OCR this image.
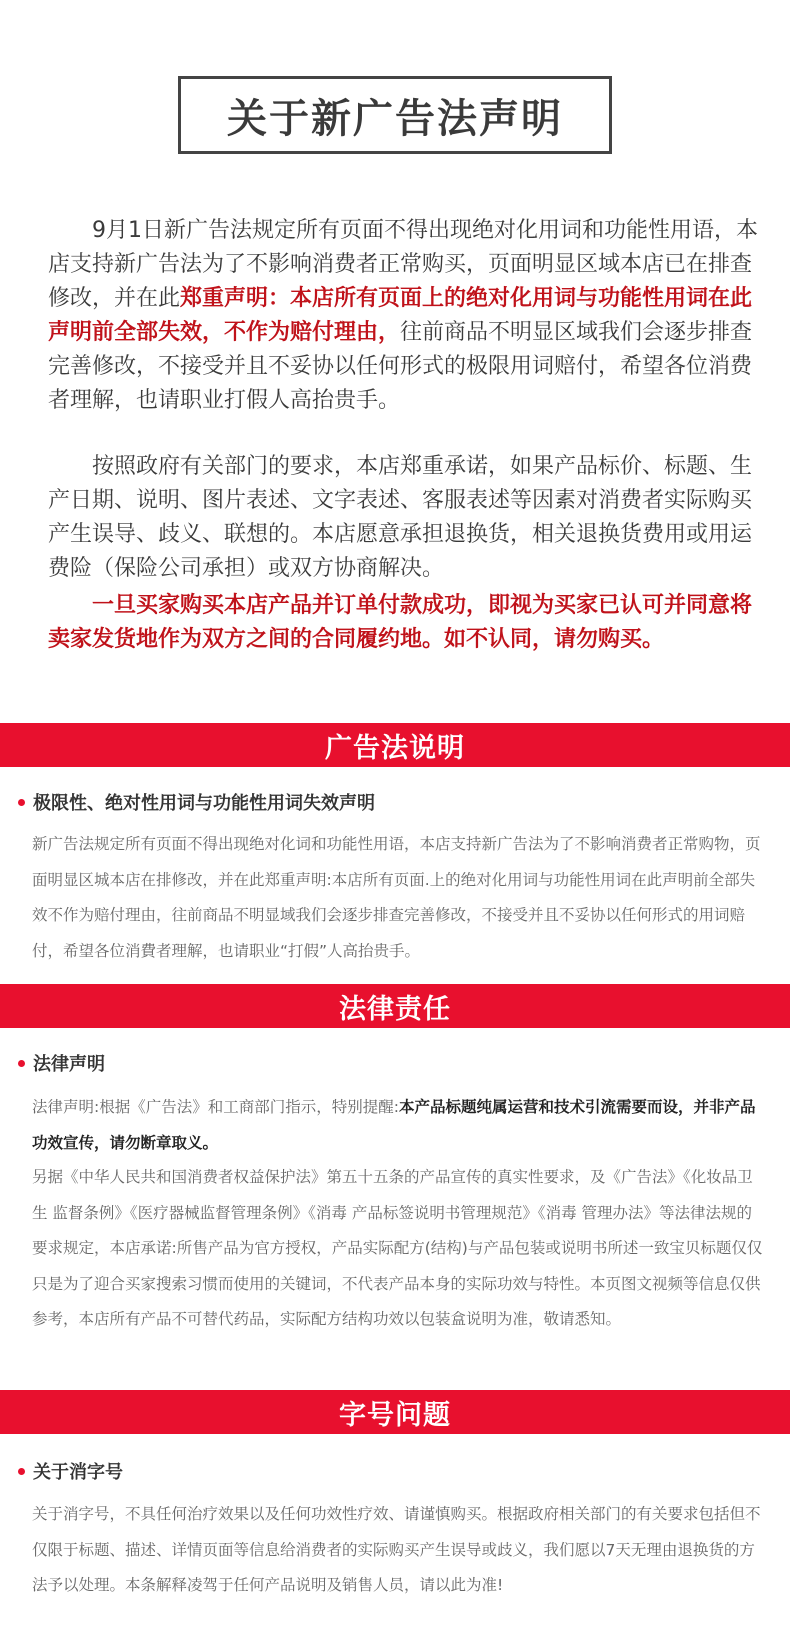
关于新广告法声明

9月1日新广告法规定所有页面不得出现绝对化用词和功能性用语，本店支持新广告法为了不影响消费者正常购买，页面明显区域本店已在排查修改，并在此郑重声明：本店所有页面上的绝对化用词与功能性用词在此声明前全部失效，不作为赔付理由，往前商品不明显区域我们会逐步排查完善修改，不接受并且不妥协以任何形式的极限用词赔付，希望各位消费者理解，也请职业打假人高抬贵手。

按照政府有关部门的要求，本店郑重承诺，如果产品标价、标题、生产日期、说明、图片表述、文字表述、客服表述等因素对消费者实际购买产生误导、歧义、联想的。本店愿意承担退换货，相关退换货费用或用运费险（保险公司承担）或双方协商解决。

一旦买家购买本店产品并订单付款成功，即视为买家已认可并同意将卖家发货地作为双方之间的合同履约地。如不认同，请勿购买。

广告法说明
极限性、绝对性用词与功能性用词失效声明
新广告法规定所有页面不得出现绝对化词和功能性用语，本店支持新广告法为了不影响消费者正常购物，页面明显区城本店在排修改，并在此郑重声明:本店所有页面.上的绝对化用词与功能性用词在此声明前全部失效不作为赔付理由，往前商品不明显域我们会逐步排查完善修改，不接受并且不妥协以任何形式的用词赔付，希望各位消費者理解，也请职业“打假”人高抬贵手。
法律责任
法律声明
法律声明:根据《广告法》和工商部门指示，特别提醒:本产品标题纯属运营和技术引流需要而设，并非产品功效宣传，请勿断章取义。
另据《中华人民共和国消费者权益保护法》第五十五条的产品宣传的真实性要求，及《广告法》《化妆品卫生 监督条例》《医疗器械监督管理条例》《消毒 产品标签说明书管理规范》《消毒 管理办法》等法律法规的要求规定，本店承诺:所售产品为官方授权，产品实际配方(结构)与产品包装或说明书所述一致宝贝标题仅仅只是为了迎合买家搜索习惯而使用的关键词，不代表产品本身的实际功效与特性。本页图文视频等信息仅供参考，本店所有产品不可替代药品，实际配方结构功效以包装盒说明为准，敬请悉知。
字号问题
关于消字号
关于消字号，不具任何治疗效果以及任何功效性疗效、请谨慎购买。根据政府相关部门的有关要求包括但不仅限于标题、描述、详情页面等信息给消费者的实际购买产生误导或歧义，我们愿以7天无理由退换货的方法予以处理。本条解释凌驾于任何产品说明及销售人员，请以此为准!
